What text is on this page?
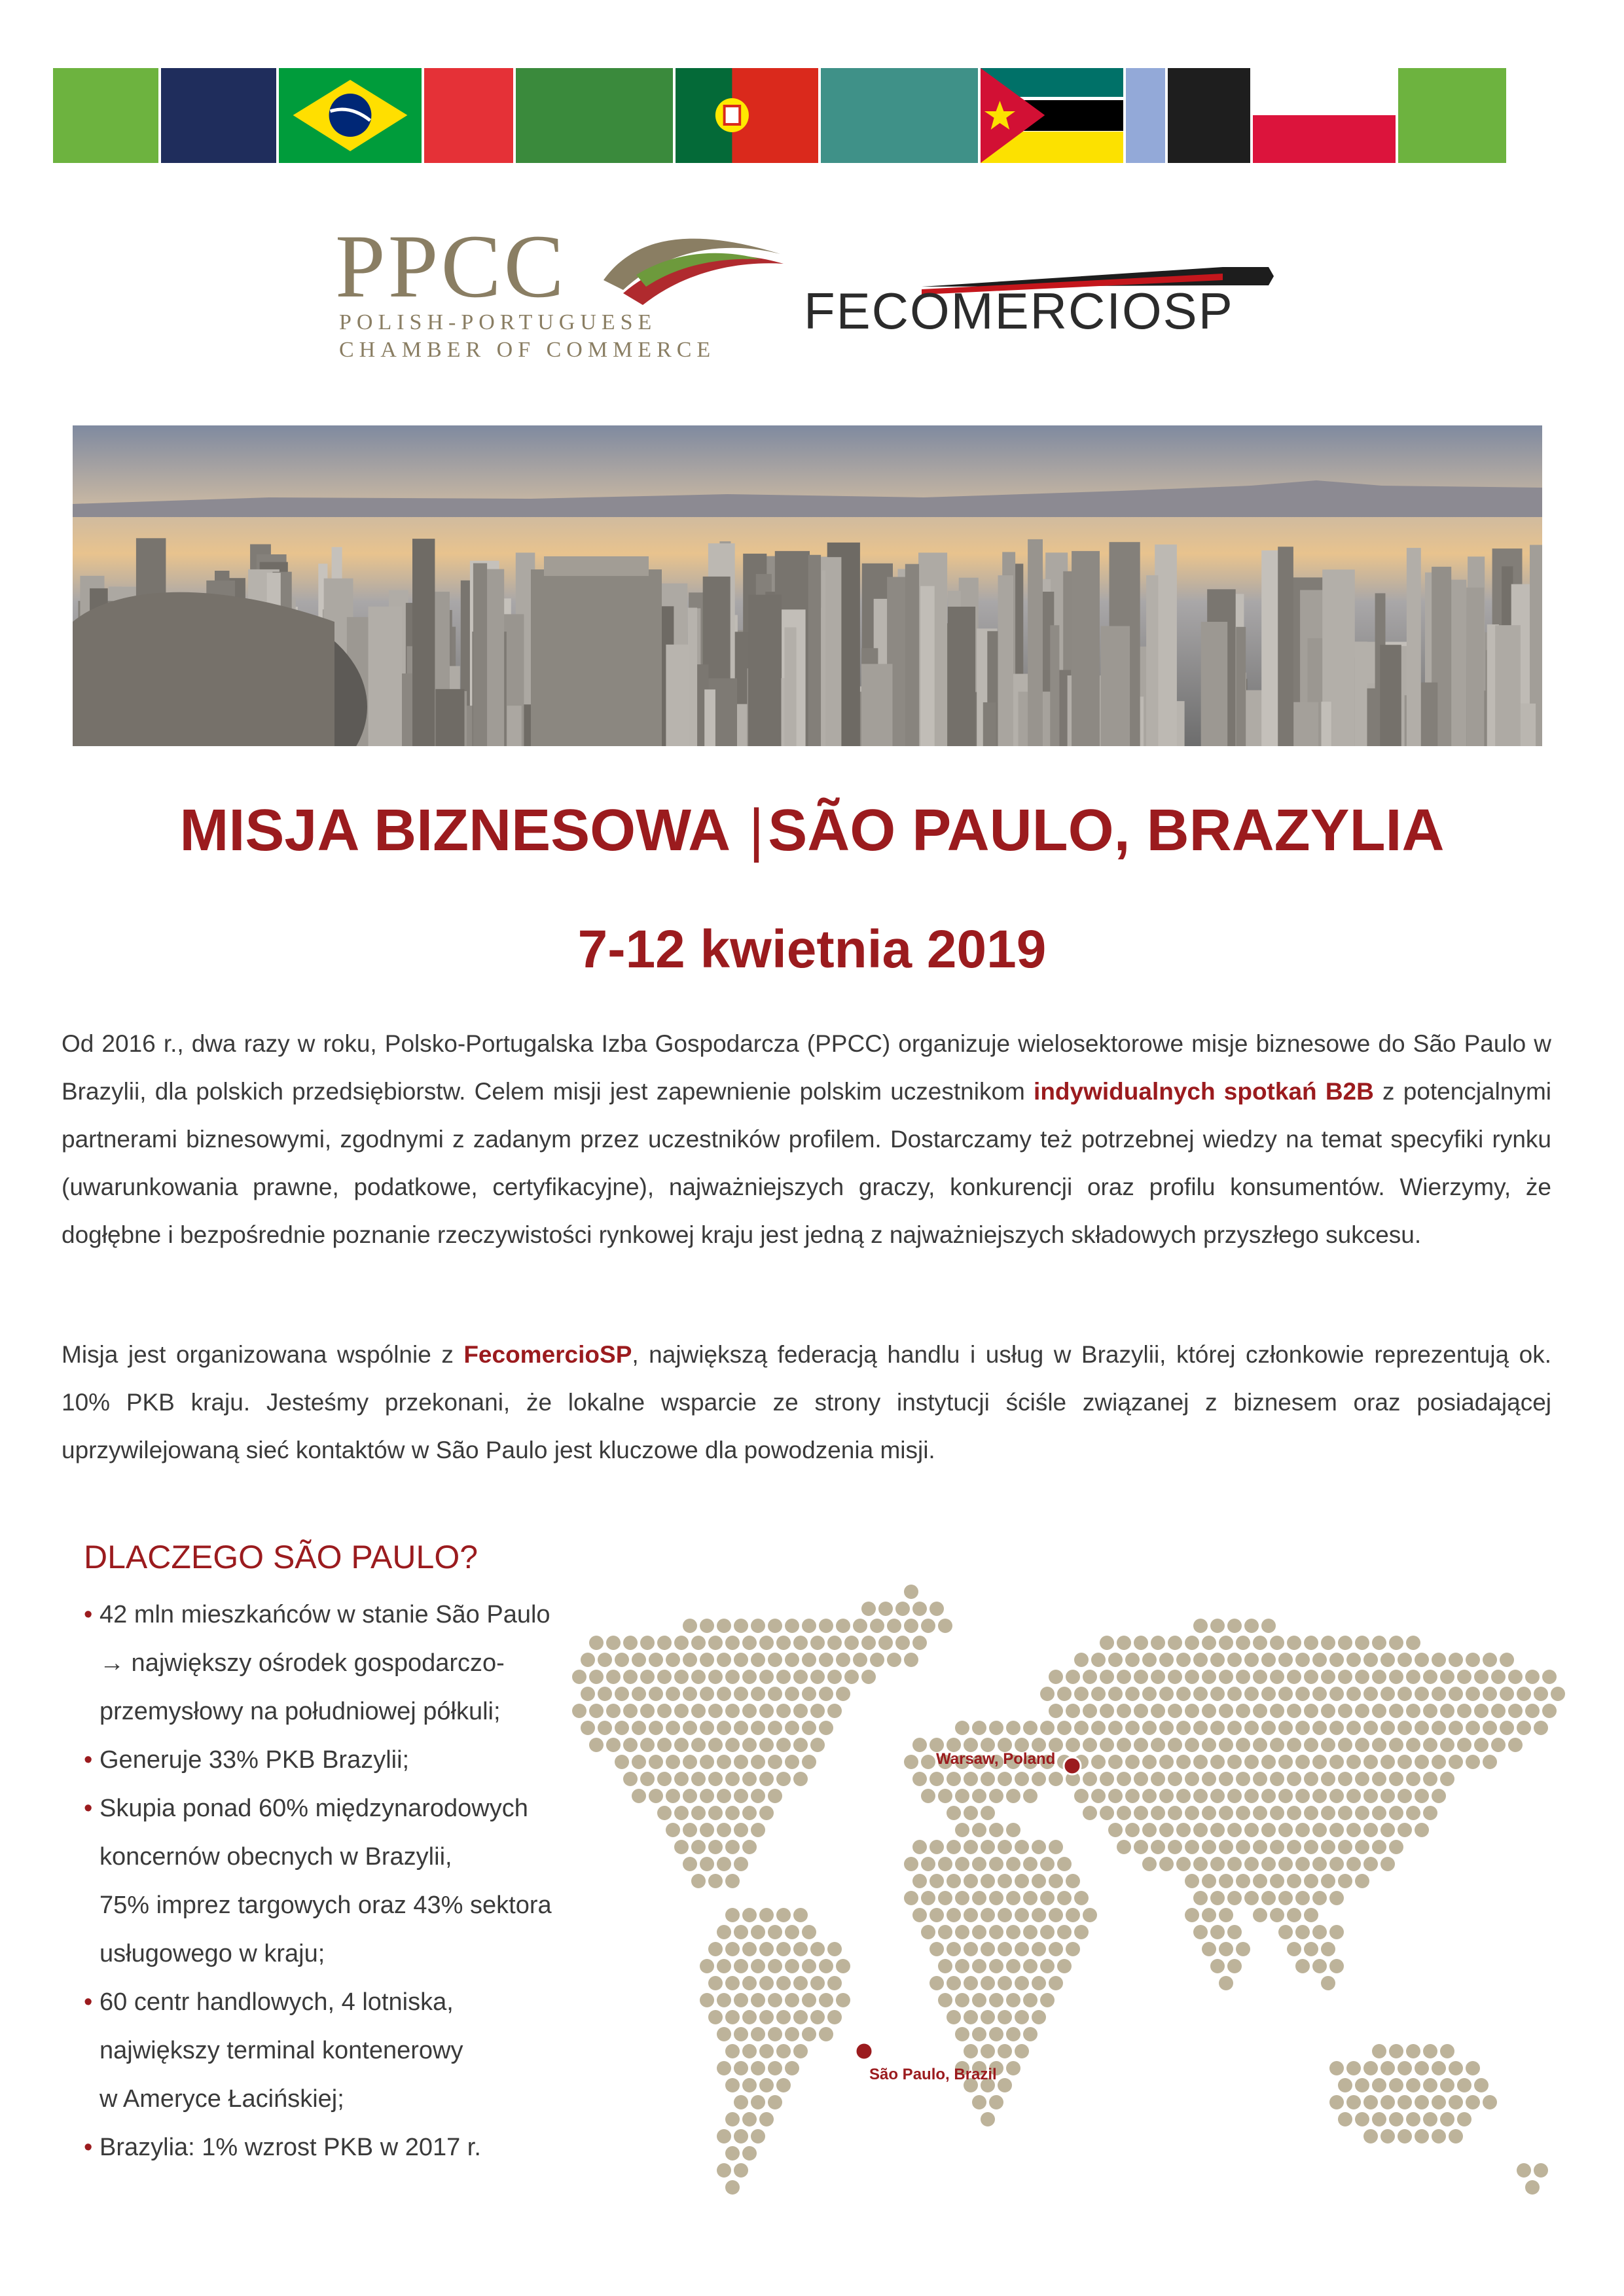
PPCC
POLISH-PORTUGUESE
CHAMBER OF COMMERCE
FECOMERCIOSP
MISJA BIZNESOWA |SÃO PAULO, BRAZYLIA
7-12 kwietnia 2019
Od 2016 r., dwa razy w roku, Polsko-Portugalska Izba Gospodarcza (PPCC) organizuje wielosektorowe misje biznesowe do São Paulo w Brazylii, dla polskich przedsiębiorstw. Celem misji jest zapewnienie polskim uczestnikom indywidualnych spotkań B2B z potencjalnymi partnerami biznesowymi, zgodnymi z zadanym przez uczestników profilem. Dostarczamy też potrzebnej wiedzy na temat specyfiki rynku (uwarunkowania prawne, podatkowe, certyfikacyjne), najważniejszych graczy, konkurencji oraz profilu konsumentów. Wierzymy, że dogłębne i bezpośrednie poznanie rzeczywistości rynkowej kraju jest jedną z najważniejszych składowych przyszłego sukcesu.
Misja jest organizowana wspólnie z FecomercioSP, największą federacją handlu i usług w Brazylii, której członkowie reprezentują ok. 10% PKB kraju. Jesteśmy przekonani, że lokalne wsparcie ze strony instytucji ściśle związanej z biznesem oraz posiadającej uprzywilejowaną sieć kontaktów w São Paulo jest kluczowe dla powodzenia misji.
DLACZEGO SÃO PAULO?
• 42 mln mieszkańców w stanie São Paulo
→ największy ośrodek gospodarczo-
przemysłowy na południowej półkuli;
• Generuje 33% PKB Brazylii;
• Skupia ponad 60% międzynarodowych
koncernów obecnych w Brazylii,
75% imprez targowych oraz 43% sektora
usługowego w kraju;
• 60 centr handlowych, 4 lotniska,
największy terminal kontenerowy
w Ameryce Łacińskiej;
• Brazylia: 1% wzrost PKB w 2017 r.
Warsaw, Poland
São Paulo, Brazil
